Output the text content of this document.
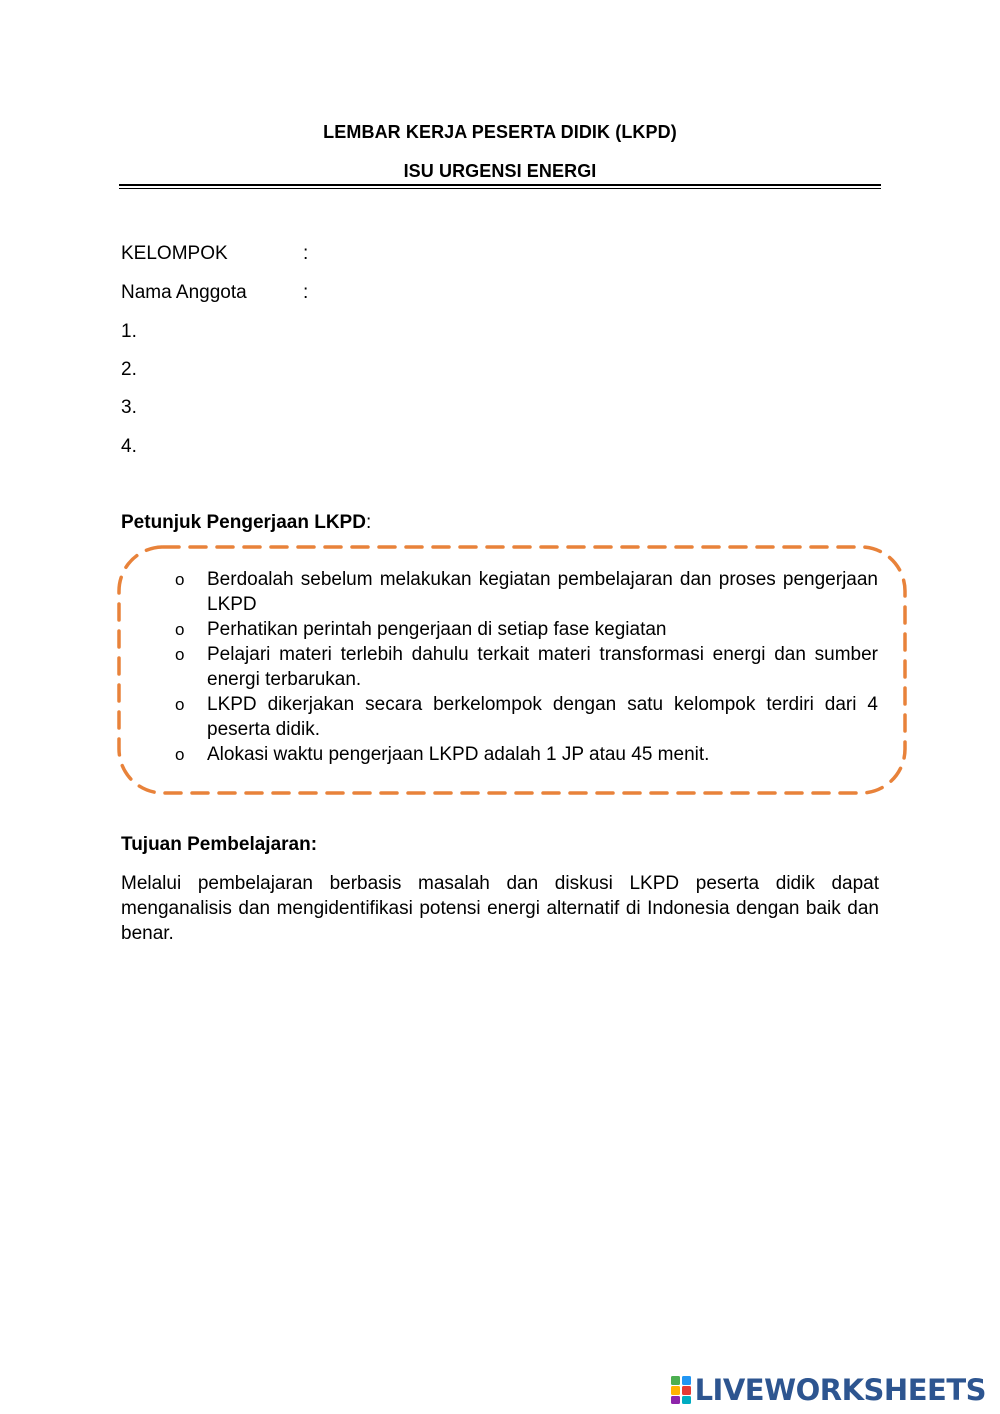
LEMBAR KERJA PESERTA DIDIK (LKPD)
ISU URGENSI ENERGI
KELOMPOK	:
Nama Anggota	:
1.
2.
3.
4.
Petunjuk Pengerjaan LKPD:
o Berdoalah sebelum melakukan kegiatan pembelajaran dan proses pengerjaan LKPD
o Perhatikan perintah pengerjaan di setiap fase kegiatan
o Pelajari materi terlebih dahulu terkait materi transformasi energi dan sumber energi terbarukan.
o LKPD dikerjakan secara berkelompok dengan satu kelompok terdiri dari 4 peserta didik.
o Alokasi waktu pengerjaan LKPD adalah 1 JP atau 45 menit.
Tujuan Pembelajaran:

Melalui pembelajaran berbasis masalah dan diskusi LKPD peserta didik dapat menganalisis dan mengidentifikasi potensi energi alternatif di Indonesia dengan baik dan benar.

LIVEWORKSHEETS
